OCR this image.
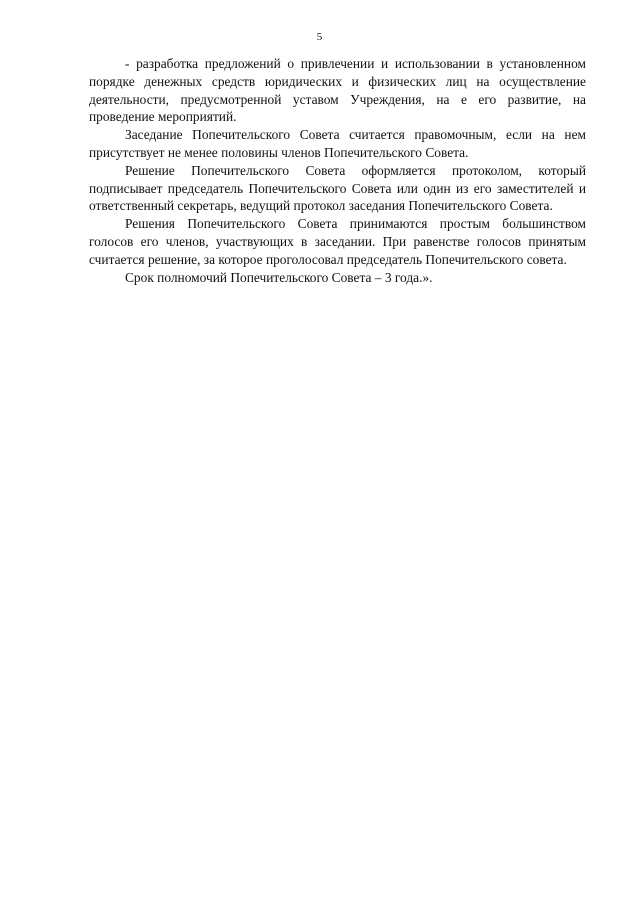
5

- разработка предложений о привлечении и использовании в установленном порядке денежных средств юридических и физических лиц на осуществление деятельности, предусмотренной уставом Учреждения, на е его развитие, на проведение мероприятий.

Заседание Попечительского Совета считается правомочным, если на нем присутствует не менее половины членов Попечительского Совета.

Решение Попечительского Совета оформляется протоколом, который подписывает председатель Попечительского Совета или один из его заместителей и ответственный секретарь, ведущий протокол заседания Попечительского Совета.

Решения Попечительского Совета принимаются простым большинством голосов его членов, участвующих в заседании. При равенстве голосов принятым считается решение, за которое проголосовал председатель Попечительского совета.

Срок полномочий Попечительского Совета – 3 года.».
